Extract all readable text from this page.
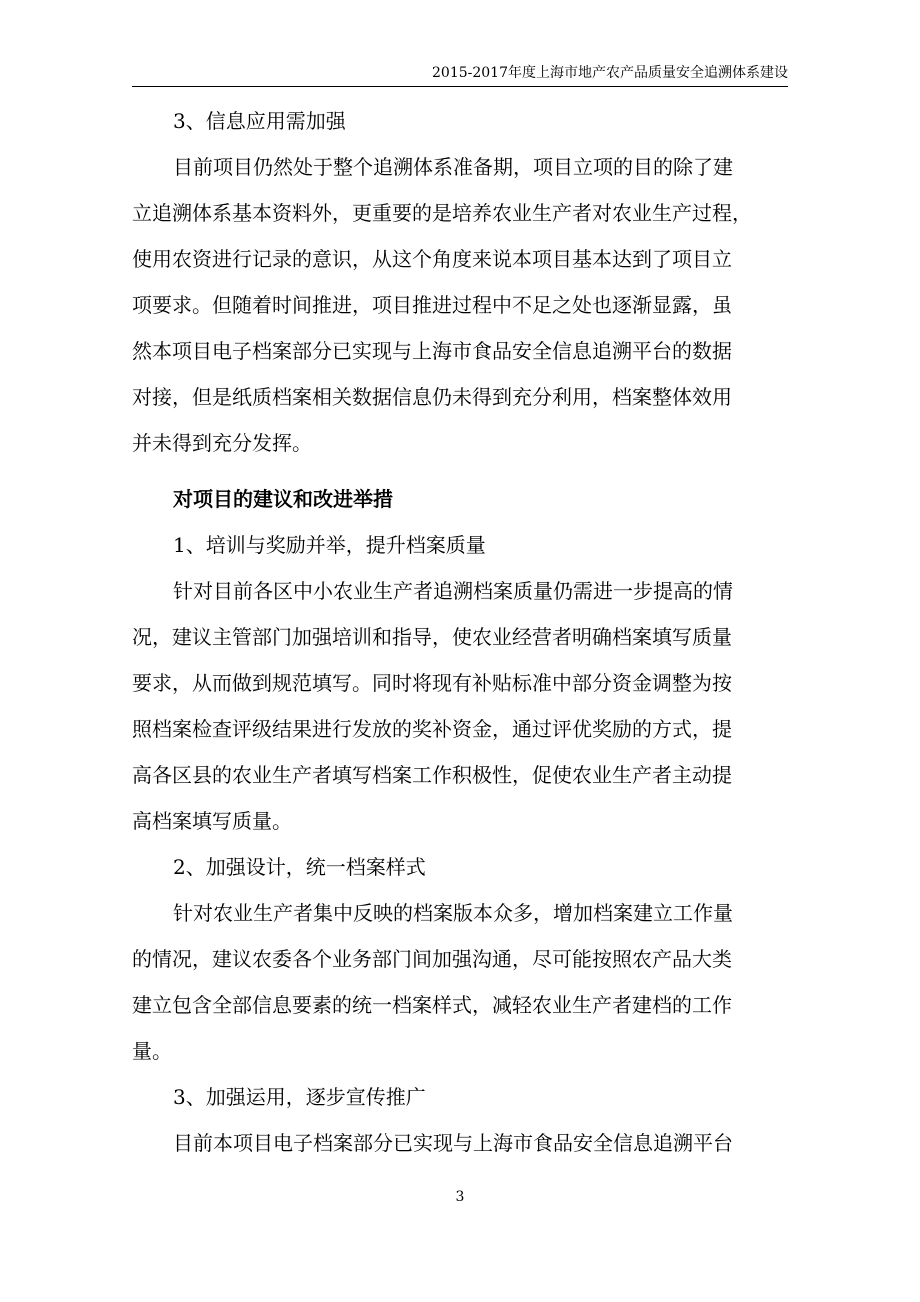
2015-2017年度上海市地产农产品质量安全追溯体系建设
3、信息应用需加强
目前项目仍然处于整个追溯体系准备期，项目立项的目的除了建
立追溯体系基本资料外，更重要的是培养农业生产者对农业生产过程，
使用农资进行记录的意识，从这个角度来说本项目基本达到了项目立
项要求。但随着时间推进，项目推进过程中不足之处也逐渐显露，虽
然本项目电子档案部分已实现与上海市食品安全信息追溯平台的数据
对接，但是纸质档案相关数据信息仍未得到充分利用，档案整体效用
并未得到充分发挥。
对项目的建议和改进举措
1、培训与奖励并举，提升档案质量
针对目前各区中小农业生产者追溯档案质量仍需进一步提高的情
况，建议主管部门加强培训和指导，使农业经营者明确档案填写质量
要求，从而做到规范填写。同时将现有补贴标准中部分资金调整为按
照档案检查评级结果进行发放的奖补资金，通过评优奖励的方式，提
高各区县的农业生产者填写档案工作积极性，促使农业生产者主动提
高档案填写质量。
2、加强设计，统一档案样式
针对农业生产者集中反映的档案版本众多，增加档案建立工作量
的情况，建议农委各个业务部门间加强沟通，尽可能按照农产品大类
建立包含全部信息要素的统一档案样式，减轻农业生产者建档的工作
量。
3、加强运用，逐步宣传推广
目前本项目电子档案部分已实现与上海市食品安全信息追溯平台
3
